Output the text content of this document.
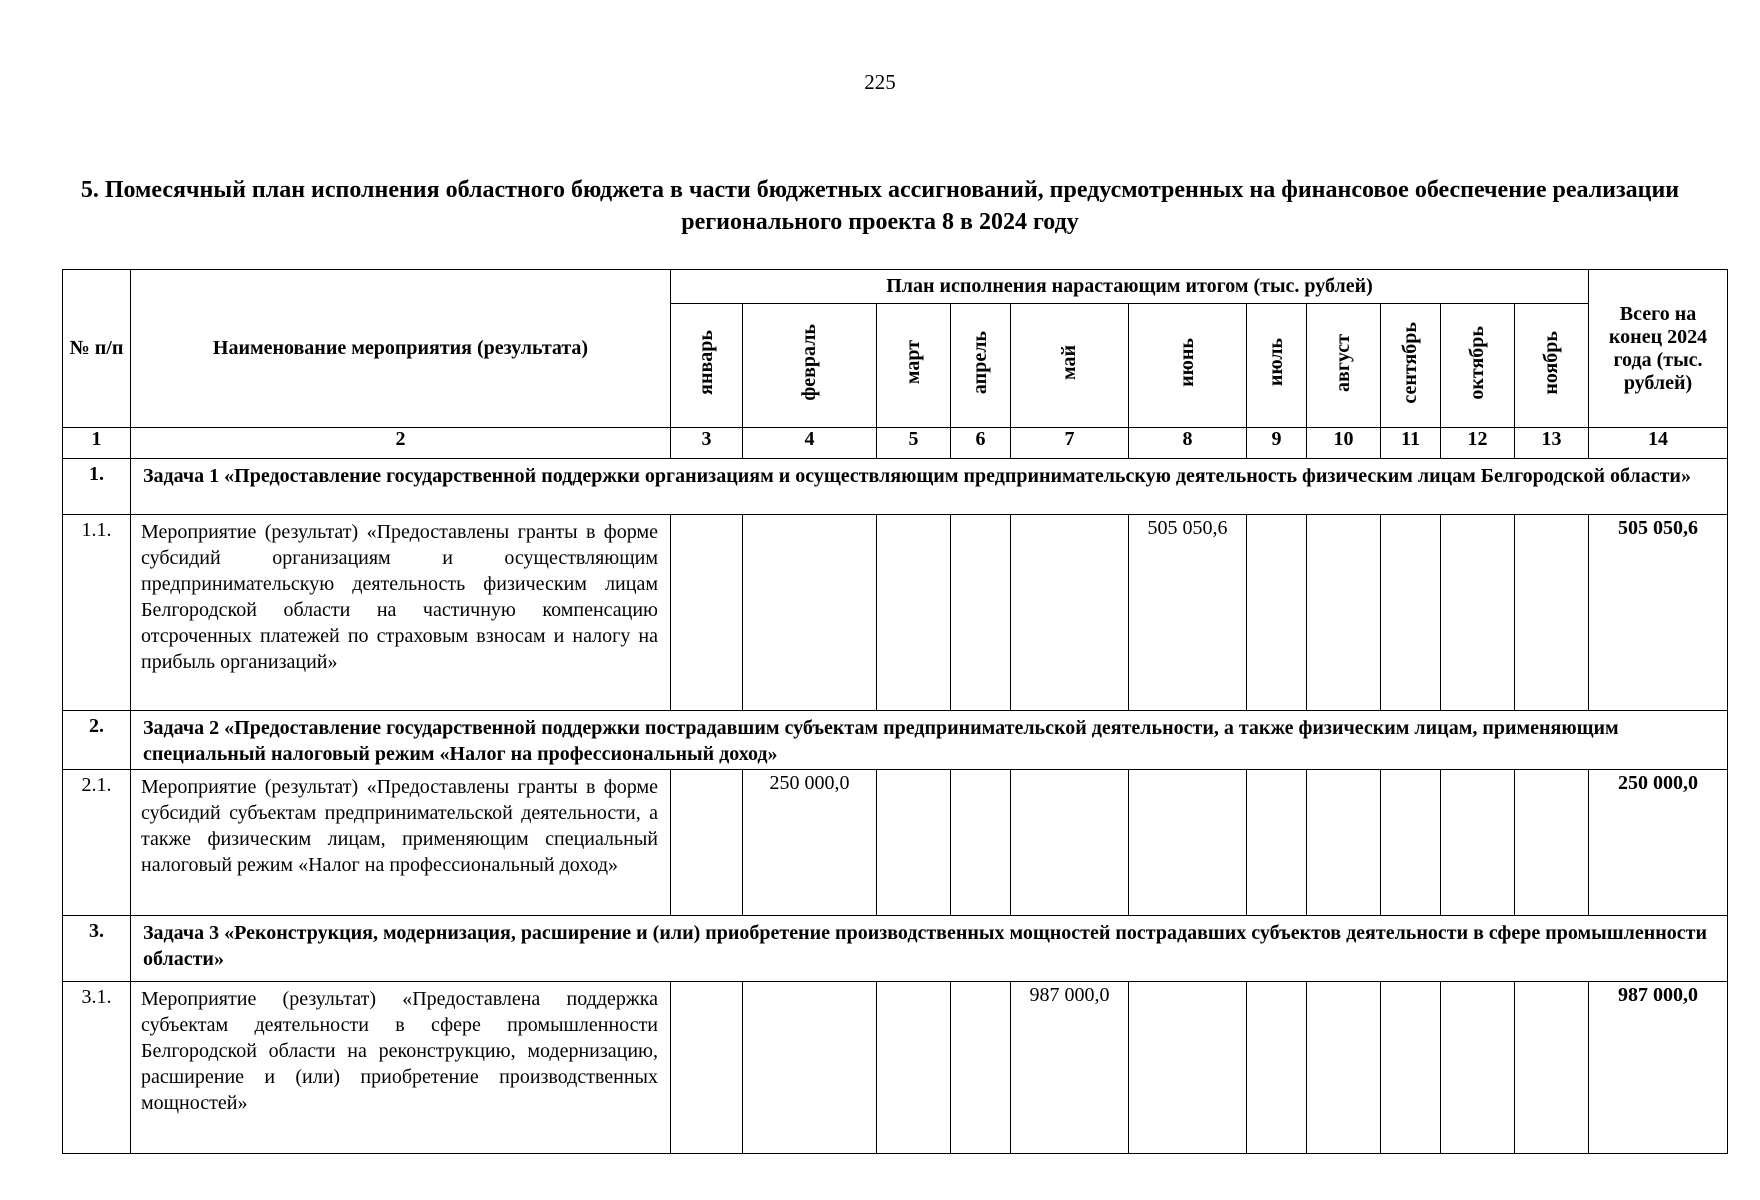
225
5. Помесячный план исполнения областного бюджета в части бюджетных ассигнований, предусмотренных на финансовое обеспечение реализации регионального проекта 8 в 2024 году
№ п/п	Наименование мероприятия (результата)	План исполнения нарастающим итогом (тыс. рублей)											Всего на конец 2024 года (тыс. рублей)
		январь	февраль	март	апрель	май	июнь	июль	август	сентябрь	октябрь	ноябрь	
1	2	3	4	5	6	7	8	9	10	11	12	13	14
1.	Задача 1 «Предоставление государственной поддержки организациям и осуществляющим предпринимательскую деятельность физическим лицам Белгородской области»												
1.1.	Мероприятие (результат) «Предоставлены гранты в форме субсидий организациям и осуществляющим предпринимательскую деятельность физическим лицам Белгородской области на частичную компенсацию отсроченных платежей по страховым взносам и налогу на прибыль организаций»						505 050,6						505 050,6
2.	Задача 2 «Предоставление государственной поддержки пострадавшим субъектам предпринимательской деятельности, а также физическим лицам, применяющим специальный налоговый режим «Налог на профессиональный доход»												
2.1.	Мероприятие (результат) «Предоставлены гранты в форме субсидий субъектам предпринимательской деятельности, а также физическим лицам, применяющим специальный налоговый режим «Налог на профессиональный доход»		250 000,0										250 000,0
3.	Задача 3 «Реконструкция, модернизация, расширение и (или) приобретение производственных мощностей пострадавших субъектов деятельности в сфере промышленности области»												
3.1.	Мероприятие (результат) «Предоставлена поддержка субъектам деятельности в сфере промышленности Белгородской области на реконструкцию, модернизацию, расширение и (или) приобретение производственных мощностей»					987 000,0							987 000,0
